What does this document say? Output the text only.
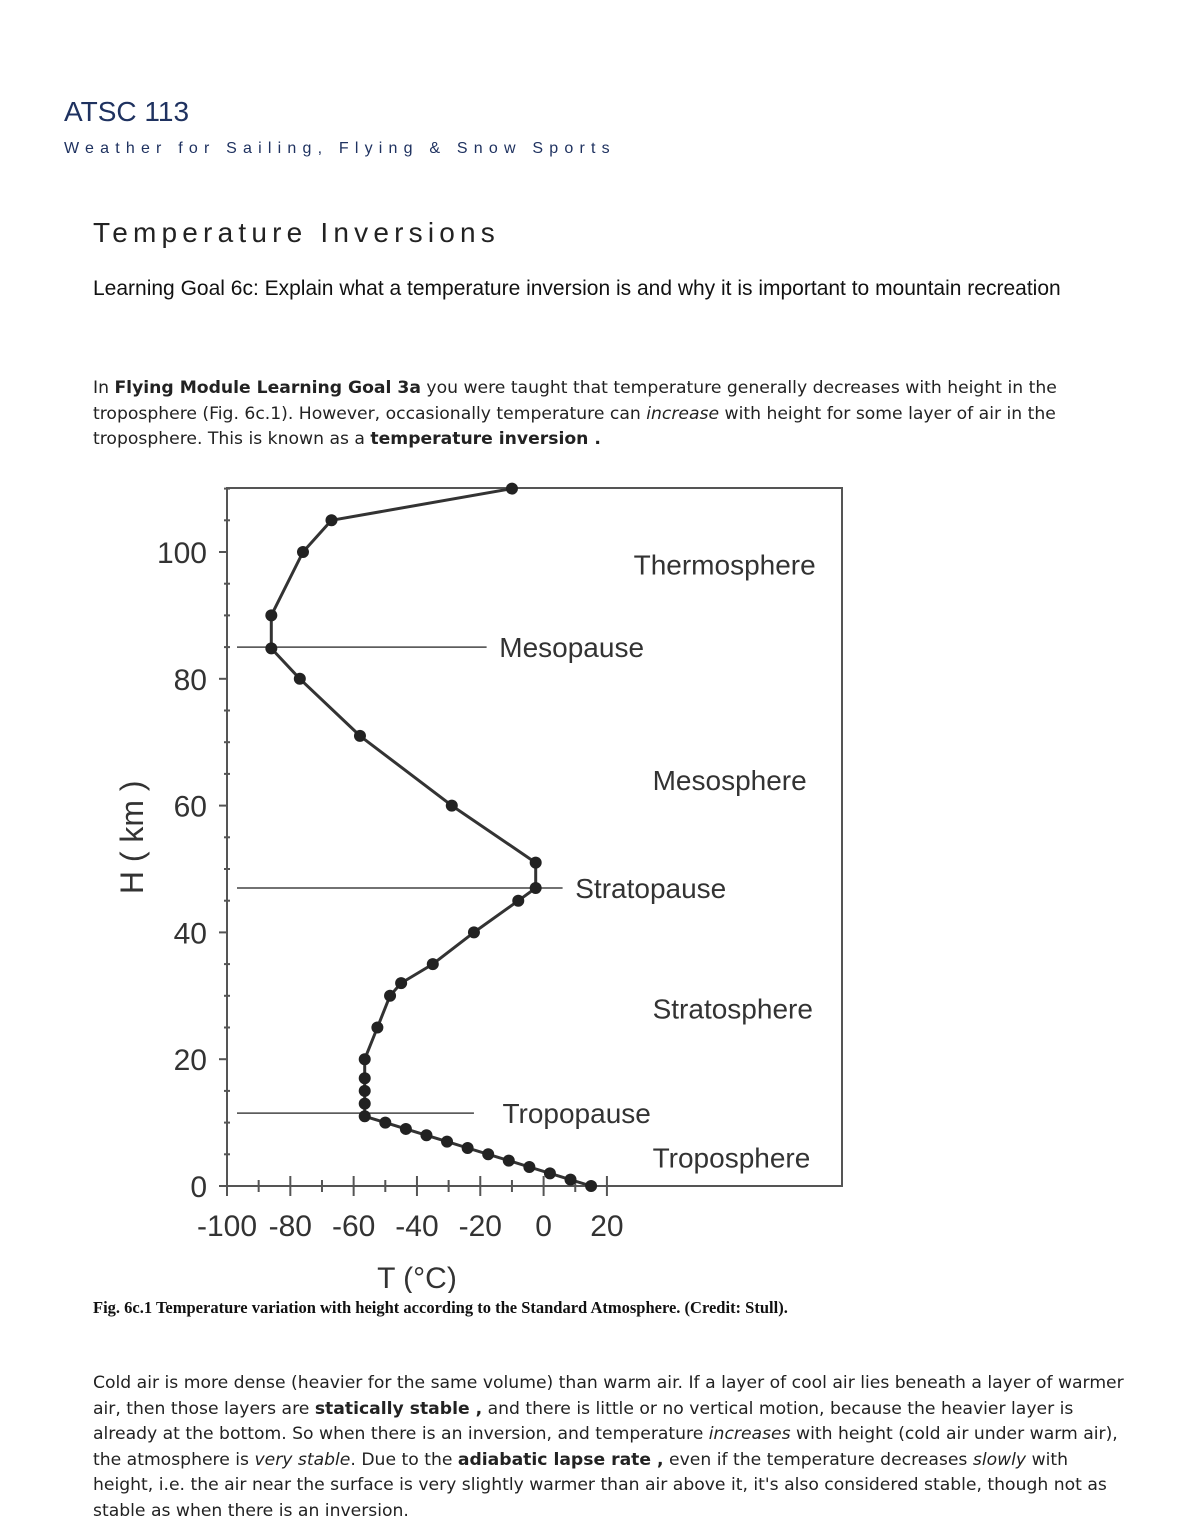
ATSC 113
Weather for Sailing, Flying & Snow Sports
Temperature Inversions
Learning Goal 6c: Explain what a temperature inversion is and why it is important to mountain recreation

In Flying Module Learning Goal 3a you were taught that temperature generally decreases with height in the troposphere (Fig. 6c.1). However, occasionally temperature can increase with height for some layer of air in the troposphere. This is known as a temperature inversion .

0
20
40
60
80
100
-100 -80 -60 -40 -20 0 20
T (°C)
H ( km )
Mesopause
Stratopause
Tropopause
Thermosphere
Mesosphere
Stratosphere
Troposphere
Fig. 6c.1 Temperature variation with height according to the Standard Atmosphere. (Credit: Stull).

Cold air is more dense (heavier for the same volume) than warm air. If a layer of cool air lies beneath a layer of warmer air, then those layers are statically stable , and there is little or no vertical motion, because the heavier layer is already at the bottom. So when there is an inversion, and temperature increases with height (cold air under warm air), the atmosphere is very stable. Due to the adiabatic lapse rate , even if the temperature decreases slowly with height, i.e. the air near the surface is very slightly warmer than air above it, it's also considered stable, though not as stable as when there is an inversion.
